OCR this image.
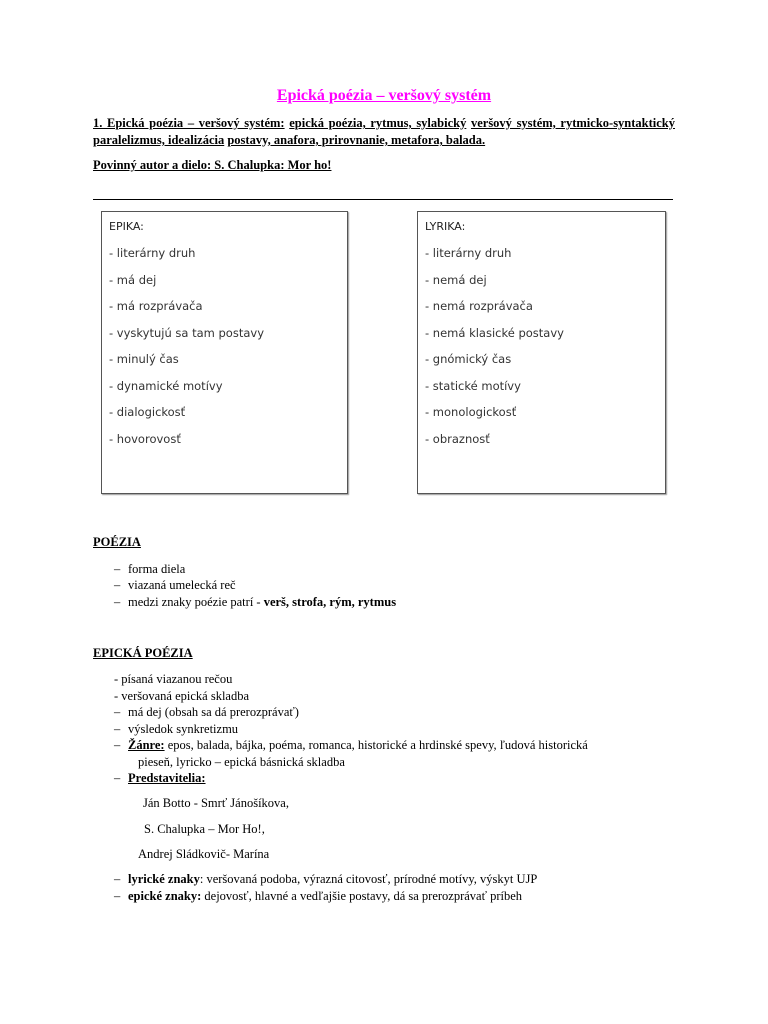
Epická poézia – veršový systém
1. Epická poézia – veršový systém: epická poézia, rytmus, sylabický veršový systém, rytmicko-syntaktický paralelizmus, idealizácia postavy, anafora, prirovnanie, metafora, balada.
Povinný autor a dielo: S. Chalupka: Mor ho!
EPIKA:
- literárny druh
- má dej
- má rozprávača
- vyskytujú sa tam postavy
- minulý čas
- dynamické motívy
- dialogickosť
- hovorovosť
LYRIKA:
- literárny druh
- nemá dej
- nemá rozprávača
- nemá klasické postavy
- gnómický čas
- statické motívy
- monologickosť
- obraznosť
POÉZIA
– forma diela
– viazaná umelecká reč
– medzi znaky poézie patrí - verš, strofa, rým, rytmus
EPICKÁ POÉZIA
- písaná viazanou rečou
- veršovaná epická skladba
– má dej (obsah sa dá prerozprávať)
– výsledok synkretizmu
– Žánre: epos, balada, bájka, poéma, romanca, historické a hrdinské spevy, ľudová historická
pieseň, lyricko – epická básnická skladba
– Predstavitelia:
Ján Botto - Smrť Jánošíkova,
S. Chalupka – Mor Ho!,
Andrej Sládkovič- Marína
– lyrické znaky: veršovaná podoba, výrazná citovosť, prírodné motívy, výskyt UJP
– epické znaky: dejovosť, hlavné a vedľajšie postavy, dá sa prerozprávať príbeh
